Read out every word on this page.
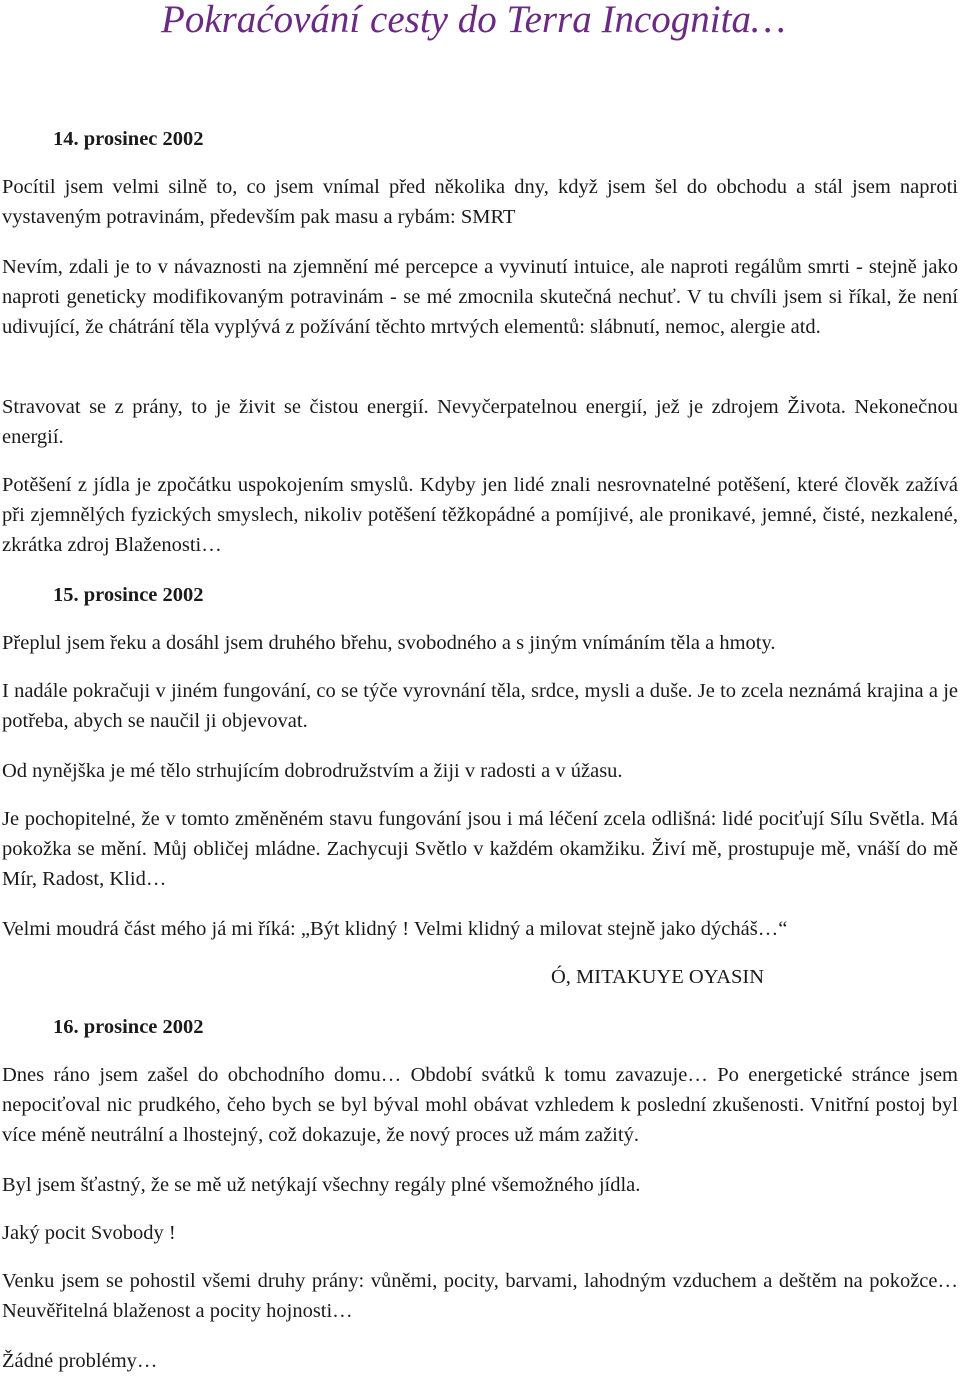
Pokraćování cesty do Terra Incognita…
14. prosinec 2002
Pocítil jsem velmi silně to, co jsem vnímal před několika dny, když jsem šel do obchodu a stál jsem naproti vystaveným potravinám, především pak masu a rybám: SMRT
Nevím, zdali je to v návaznosti na zjemnění mé percepce a vyvinutí intuice, ale naproti regálům smrti - stejně jako naproti geneticky modifikovaným potravinám - se mé zmocnila skutečná nechuť. V tu chvíli jsem si říkal, že není udivující, že chátrání těla vyplývá z požívání těchto mrtvých elementů: slábnutí, nemoc, alergie atd.
Stravovat se z prány, to je živit se čistou energií. Nevyčerpatelnou energií, jež je zdrojem Života. Nekonečnou energií.
Potěšení z jídla je zpočátku uspokojením smyslů. Kdyby jen lidé znali nesrovnatelné potěšení, které člověk zažívá při zjemnělých fyzických smyslech, nikoliv potěšení těžkopádné a pomíjivé, ale pronikavé, jemné, čisté, nezkalené, zkrátka zdroj Blaženosti…
15. prosince 2002
Přeplul jsem řeku a dosáhl jsem druhého břehu, svobodného a s jiným vnímáním těla a hmoty.
I nadále pokračuji v jiném fungování, co se týče vyrovnání těla, srdce, mysli a duše. Je to zcela neznámá krajina a je potřeba, abych se naučil ji objevovat.
Od nyněјška je mé tělo strhujícím dobrodružstvím a žiji v radosti a v úžasu.
Je pochopitelné, že v tomto změněném stavu fungování jsou i má léčení zcela odlišná: lidé pociťují Sílu Světla. Má pokožka se mění. Můj obličej mládne. Zachycuji Světlo v každém okamžiku. Živí mě, prostupuje mě, vnáší do mě Mír, Radost, Klid…
Velmi moudrá část mého já mi říká: „Být klidný ! Velmi klidný a milovat stejně jako dýcháš…“
Ó, MITAKUYE OYASIN
16. prosince 2002
Dnes ráno jsem zašel do obchodního domu… Období svátků k tomu zavazuje… Po energetické stránce jsem nepociťoval nic prudkého, čeho bych se byl býval mohl obávat vzhledem k poslední zkušenosti. Vnitřní postoj byl více méně neutrální a lhostejný, což dokazuje, že nový proces už mám zažitý.
Byl jsem šťastný, že se mě už netýkají všechny regály plné všemožného jídla.
Jaký pocit Svobody !
Venku jsem se pohostil všemi druhy prány: vůněmi, pocity, barvami, lahodným vzduchem a deštěm na pokožce… Neuvěřitelná blaženost a pocity hojnosti…
Žádné problémy…
